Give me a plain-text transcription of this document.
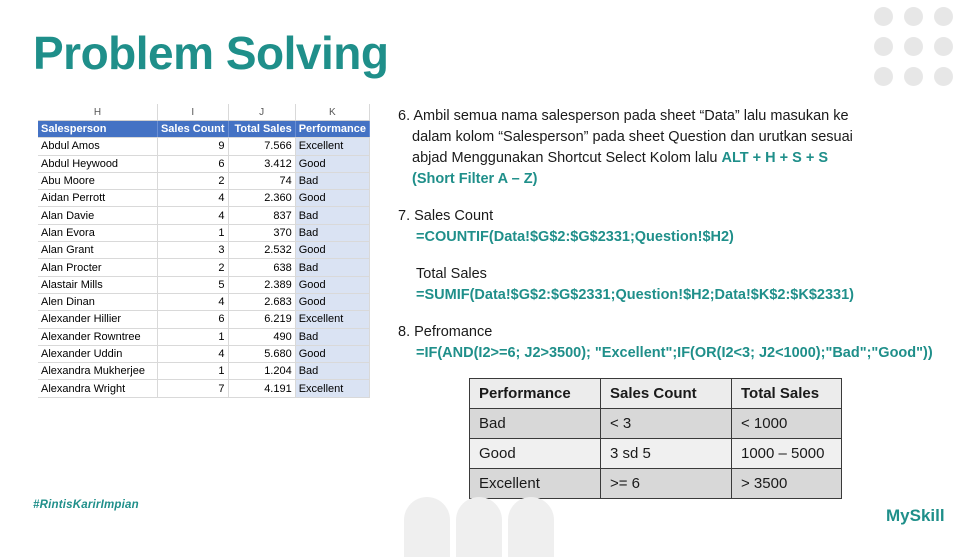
Problem Solving
H	I	J	K
Salesperson	Sales Count	Total Sales	Performance
Abdul Amos	9	7.566	Excellent
Abdul Heywood	6	3.412	Good
Abu Moore	2	74	Bad
Aidan Perrott	4	2.360	Good
Alan Davie	4	837	Bad
Alan Evora	1	370	Bad
Alan Grant	3	2.532	Good
Alan Procter	2	638	Bad
Alastair Mills	5	2.389	Good
Alen Dinan	4	2.683	Good
Alexander Hillier	6	6.219	Excellent
Alexander Rowntree	1	490	Bad
Alexander Uddin	4	5.680	Good
Alexandra Mukherjee	1	1.204	Bad
Alexandra Wright	7	4.191	Excellent
6. Ambil semua nama salesperson pada sheet “Data” lalu masukan ke
dalam kolom “Salesperson” pada sheet Question dan urutkan sesuai
abjad Menggunakan Shortcut Select Kolom lalu ALT + H + S + S
(Short Filter A – Z)
7. Sales Count
=COUNTIF(Data!$G$2:$G$2331;Question!$H2)
Total Sales
=SUMIF(Data!$G$2:$G$2331;Question!$H2;Data!$K$2:$K$2331)
8. Pefromance
=IF(AND(I2>=6; J2>3500); "Excellent";IF(OR(I2<3; J2<1000);"Bad";"Good"))
Performance	Sales Count	Total Sales
Bad	< 3	< 1000
Good	3 sd 5	1000 – 5000
Excellent	>= 6	> 3500
#RintisKarirImpian
MySkill
